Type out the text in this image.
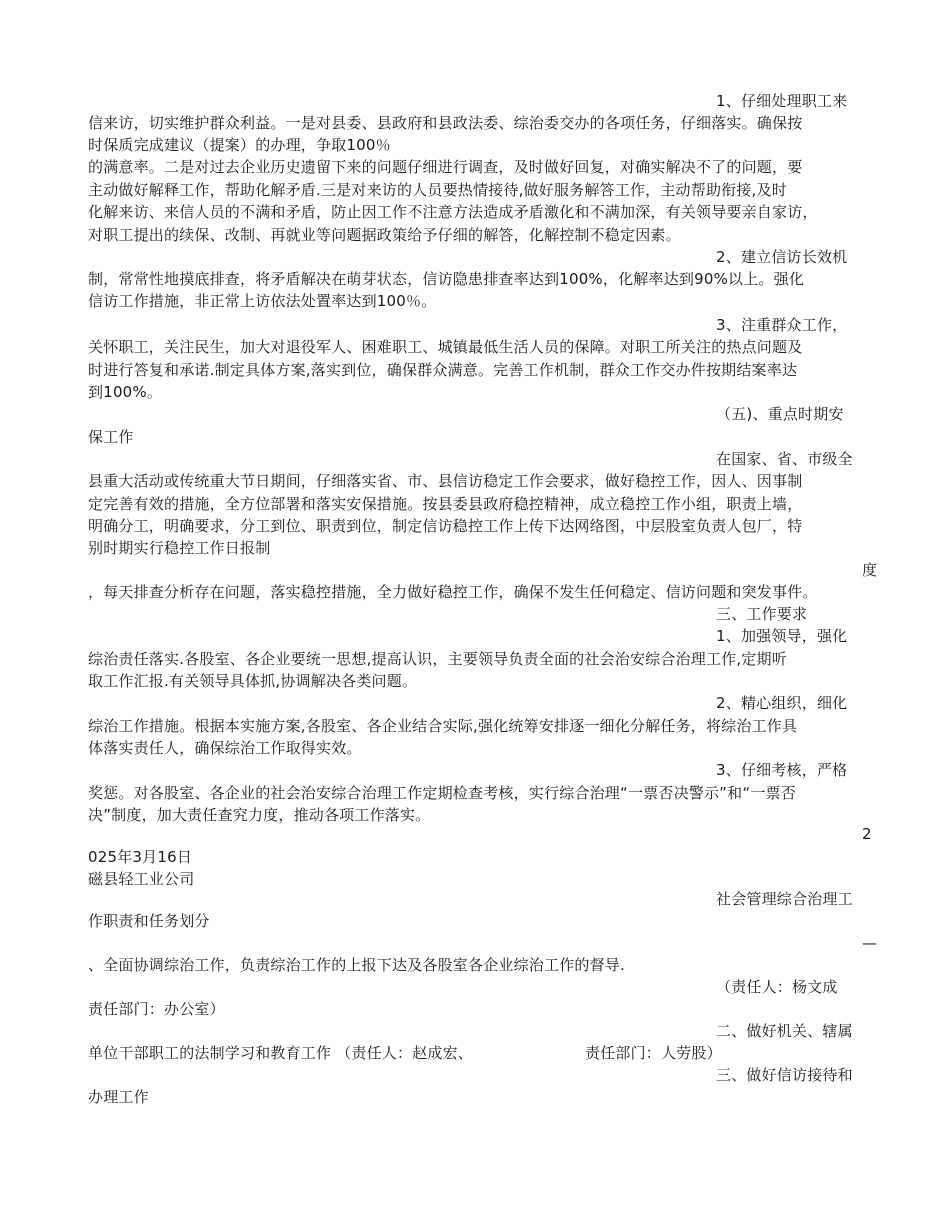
1、仔细处理职工来
信来访，切实维护群众利益。一是对县委、县政府和县政法委、综治委交办的各项任务，仔细落实。确保按
时保质完成建议（提案）的办理，争取100％
的满意率。二是对过去企业历史遗留下来的问题仔细进行调查，及时做好回复，对确实解决不了的问题，要
主动做好解释工作，帮助化解矛盾.三是对来访的人员要热情接待,做好服务解答工作，主动帮助衔接,及时
化解来访、来信人员的不满和矛盾，防止因工作不注意方法造成矛盾激化和不满加深，有关领导要亲自家访，
对职工提出的续保、改制、再就业等问题据政策给予仔细的解答，化解控制不稳定因素。
2、建立信访长效机
制，常常性地摸底排查，将矛盾解决在萌芽状态，信访隐患排查率达到100%，化解率达到90%以上。强化
信访工作措施，非正常上访依法处置率达到100％。
3、注重群众工作，
关怀职工，关注民生，加大对退役军人、困难职工、城镇最低生活人员的保障。对职工所关注的热点问题及
时进行答复和承诺.制定具体方案,落实到位，确保群众满意。完善工作机制，群众工作交办件按期结案率达
到100%。
（五)、重点时期安
保工作
在国家、省、市级全
县重大活动或传统重大节日期间，仔细落实省、市、县信访稳定工作会要求，做好稳控工作，因人、因事制
定完善有效的措施，全方位部署和落实安保措施。按县委县政府稳控精神，成立稳控工作小组，职责上墙，
明确分工，明确要求，分工到位、职责到位，制定信访稳控工作上传下达网络图，中层股室负责人包厂，特
别时期实行稳控工作日报制
度
，每天排查分析存在问题，落实稳控措施，全力做好稳控工作，确保不发生任何稳定、信访问题和突发事件。
三、工作要求
1、加强领导，强化
综治责任落实.各股室、各企业要统一思想,提高认识，主要领导负责全面的社会治安综合治理工作,定期听
取工作汇报.有关领导具体抓,协调解决各类问题。
2、精心组织，细化
综治工作措施。根据本实施方案,各股室、各企业结合实际,强化统筹安排逐一细化分解任务，将综治工作具
体落实责任人，确保综治工作取得实效。
3、仔细考核，严格
奖惩。对各股室、各企业的社会治安综合治理工作定期检查考核，实行综合治理“一票否决警示”和“一票否
决”制度，加大责任查究力度，推动各项工作落实。
2
025年3月16日
磁县轻工业公司
社会管理综合治理工
作职责和任务划分
—
、全面协调综治工作，负责综治工作的上报下达及各股室各企业综治工作的督导.
（责任人：杨文成
责任部门：办公室）
二、做好机关、辖属
单位干部职工的法制学习和教育工作 （责任人：赵成宏、	责任部门：人劳股）
三、做好信访接待和
办理工作
